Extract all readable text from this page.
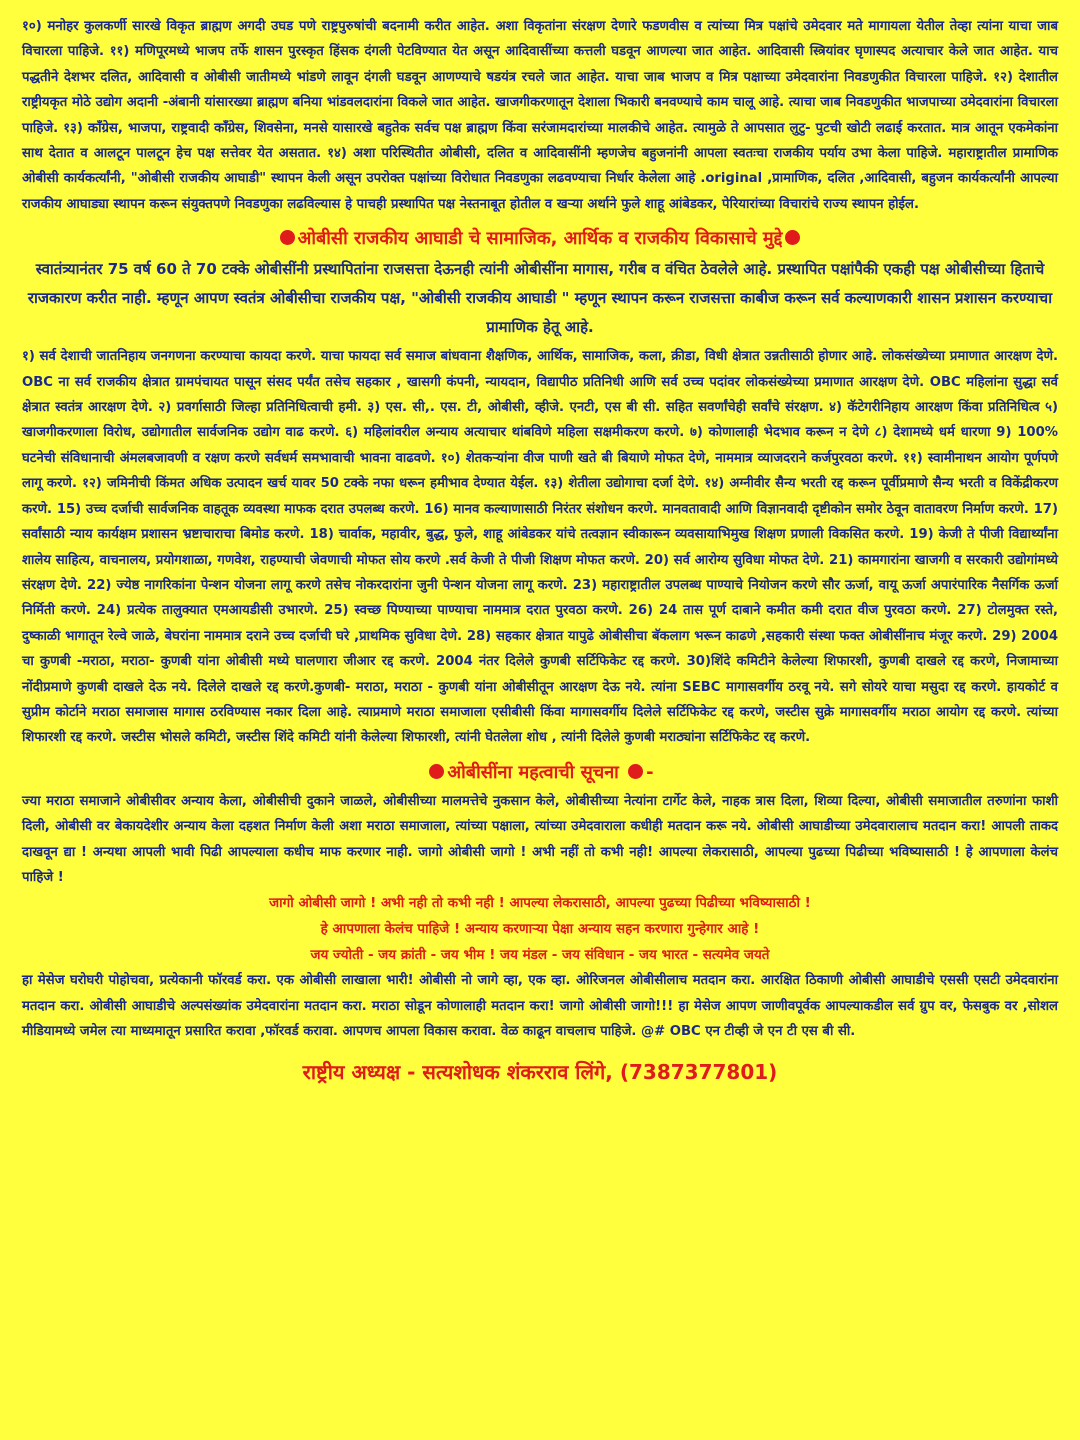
१०) मनोहर कुलकर्णी सारखे विकृत ब्राह्मण अगदी उघड पणे राष्ट्रपुरुषांची बदनामी करीत आहेत. अशा विकृतांना संरक्षण देणारे फडणवीस व त्यांच्या मित्र पक्षांचे उमेदवार मते मागायला येतील तेव्हा त्यांना याचा जाब विचारला पाहिजे. ११) मणिपूरमध्ये भाजप तर्फे शासन पुरस्कृत हिंसक दंगली पेटविण्यात येत असून आदिवासींच्या कत्तली घडवून आणल्या जात आहेत. आदिवासी स्त्रियांवर घृणास्पद अत्याचार केले जात आहेत. याच पद्धतीने देशभर दलित, आदिवासी व ओबीसी जातीमध्ये भांडणे लावून दंगली घडवून आणण्याचे षडयंत्र रचले जात आहेत. याचा जाब भाजप व मित्र पक्षाच्या उमेदवारांना निवडणुकीत विचारला पाहिजे. १२) देशातील राष्ट्रीयकृत मोठे उद्योग अदानी -अंबानी यांसारख्या ब्राह्मण बनिया भांडवलदारांना विकले जात आहेत. खाजगीकरणातून देशाला भिकारी बनवण्याचे काम चालू आहे. त्याचा जाब निवडणुकीत भाजपाच्या उमेदवारांना विचारला पाहिजे. १३) कॉंग्रेस, भाजपा, राष्ट्रवादी कॉंग्रेस, शिवसेना, मनसे यासारखे बहुतेक सर्वच पक्ष ब्राह्मण किंवा सरंजामदारांच्या मालकीचे आहेत. त्यामुळे ते आपसात लुटु- पुटची खोटी लढाई करतात. मात्र आतून एकमेकांना साथ देतात व आलटून पालटून हेच पक्ष सत्तेवर येत असतात. १४) अशा परिस्थितीत ओबीसी, दलित व आदिवासींनी म्हणजेच बहुजनांनी आपला स्वतःचा राजकीय पर्याय उभा केला पाहिजे. महाराष्ट्रातील प्रामाणिक ओबीसी कार्यकर्त्यांनी, "ओबीसी राजकीय आघाडी" स्थापन केली असून उपरोक्त पक्षांच्या विरोधात निवडणुका लढवण्याचा निर्धार केलेला आहे .original ,प्रामाणिक, दलित ,आदिवासी, बहुजन कार्यकर्त्यांनी आपल्या राजकीय आघाड्या स्थापन करून संयुक्तपणे निवडणुका लढविल्यास हे पाचही प्रस्थापित पक्ष नेस्तनाबूत होतील व खऱ्या अर्थाने फुले शाहू आंबेडकर, पेरियारांच्या विचारांचे राज्य स्थापन होईल.

ओबीसी राजकीय आघाडी चे सामाजिक, आर्थिक व राजकीय विकासाचे मुद्दे

स्वातंत्र्यानंतर 75 वर्ष 60 ते 70 टक्के ओबीसींनी प्रस्थापितांना राजसत्ता देऊनही त्यांनी ओबीसींना मागास, गरीब व वंचित ठेवलेले आहे. प्रस्थापित पक्षांपैकी एकही पक्ष ओबीसीच्या हिताचे राजकारण करीत नाही. म्हणून आपण स्वतंत्र ओबीसीचा राजकीय पक्ष, "ओबीसी राजकीय आघाडी " म्हणून स्थापन करून राजसत्ता काबीज करून सर्व कल्याणकारी शासन प्रशासन करण्याचा प्रामाणिक हेतू आहे.

१) सर्व देशाची जातनिहाय जनगणना करण्याचा कायदा करणे. याचा फायदा सर्व समाज बांधवाना शैक्षणिक, आर्थिक, सामाजिक, कला, क्रीडा, विधी क्षेत्रात उन्नतीसाठी होणार आहे. लोकसंख्येच्या प्रमाणात आरक्षण देणे. OBC ना सर्व राजकीय क्षेत्रात ग्रामपंचायत पासून संसद पर्यंत तसेच सहकार , खासगी कंपनी, न्यायदान, विद्यापीठ प्रतिनिधी आणि सर्व उच्च पदांवर लोकसंख्येच्या प्रमाणात आरक्षण देणे. OBC महिलांना सुद्धा सर्व क्षेत्रात स्वतंत्र आरक्षण देणे. २) प्रवर्गासाठी जिल्हा प्रतिनिधित्वाची हमी. ३) एस. सी,. एस. टी, ओबीसी, व्हीजे. एनटी, एस बी सी. सहित सवर्णांचेही सर्वांचे संरक्षण. ४) कॅटेगरीनिहाय आरक्षण किंवा प्रतिनिधित्व ५) खाजगीकरणाला विरोध, उद्योगातील सार्वजनिक उद्योग वाढ करणे. ६) महिलांवरील अन्याय अत्याचार थांबविणे महिला सक्षमीकरण करणे. ७) कोणालाही भेदभाव करून न देणे ८) देशामध्ये धर्म धारणा 9) 100% घटनेची संविधानाची अंमलबजावणी व रक्षण करणे सर्वधर्म समभावाची भावना वाढवणे. १०) शेतकऱ्यांना वीज पाणी खते बी बियाणे मोफत देणे, नाममात्र व्याजदराने कर्जपुरवठा करणे. ११) स्वामीनाथन आयोग पूर्णपणे लागू करणे. १२) जमिनीची किंमत अधिक उत्पादन खर्च यावर 50 टक्के नफा धरून हमीभाव देण्यात येईल. १३) शेतीला उद्योगाचा दर्जा देणे. १४) अग्नीवीर सैन्य भरती रद्द करून पूर्वीप्रमाणे सैन्य भरती व विकेंद्रीकरण करणे. 15) उच्च दर्जाची सार्वजनिक वाहतूक व्यवस्था माफक दरात उपलब्ध करणे. 16) मानव कल्याणासाठी निरंतर संशोधन करणे. मानवतावादी आणि विज्ञानवादी दृष्टीकोन समोर ठेवून वातावरण निर्माण करणे. 17) सर्वांसाठी न्याय कार्यक्षम प्रशासन भ्रष्टाचाराचा बिमोड करणे. 18) चार्वाक, महावीर, बुद्ध, फुले, शाहू आंबेडकर यांचे तत्वज्ञान स्वीकारून व्यवसायाभिमुख शिक्षण प्रणाली विकसित करणे. 19) केजी ते पीजी विद्यार्थ्यांना शालेय साहित्य, वाचनालय, प्रयोगशाळा, गणवेश, राहण्याची जेवणाची मोफत सोय करणे .सर्व केजी ते पीजी शिक्षण मोफत करणे. 20) सर्व आरोग्य सुविधा मोफत देणे. 21) कामगारांना खाजगी व सरकारी उद्योगांमध्ये संरक्षण देणे. 22) ज्येष्ठ नागरिकांना पेन्शन योजना लागू करणे तसेच नोकरदारांना जुनी पेन्शन योजना लागू करणे. 23) महाराष्ट्रातील उपलब्ध पाण्याचे नियोजन करणे सौर ऊर्जा, वायू ऊर्जा अपारंपारिक नैसर्गिक ऊर्जा निर्मिती करणे. 24) प्रत्येक तालुक्यात एमआयडीसी उभारणे. 25) स्वच्छ पिण्याच्या पाण्याचा नाममात्र दरात पुरवठा करणे. 26) 24 तास पूर्ण दाबाने कमीत कमी दरात वीज पुरवठा करणे. 27) टोलमुक्त रस्ते, दुष्काळी भागातून रेल्वे जाळे, बेघरांना नाममात्र दराने उच्च दर्जाची घरे ,प्राथमिक सुविधा देणे. 28) सहकार क्षेत्रात यापुढे ओबीसीचा बॅकलाग भरून काढणे ,सहकारी संस्था फक्त ओबीसींनाच मंजूर करणे. 29) 2004 चा कुणबी -मराठा, मराठा- कुणबी यांना ओबीसी मध्ये घालणारा जीआर रद्द करणे. 2004 नंतर दिलेले कुणबी सर्टिफिकेट रद्द करणे. 30)शिंदे कमिटीने केलेल्या शिफारशी, कुणबी दाखले रद्द करणे, निजामाच्या नोंदीप्रमाणे कुणबी दाखले देऊ नये. दिलेले दाखले रद्द करणे.कुणबी- मराठा, मराठा - कुणबी यांना ओबीसीतून आरक्षण देऊ नये. त्यांना SEBC मागासवर्गीय ठरवू नये. सगे सोयरे याचा मसुदा रद्द करणे. हायकोर्ट व सुप्रीम कोर्टाने मराठा समाजास मागास ठरविण्यास नकार दिला आहे. त्याप्रमाणे मराठा समाजाला एसीबीसी किंवा मागासवर्गीय दिलेले सर्टिफिकेट रद्द करणे, जस्टीस सुक्रे मागासवर्गीय मराठा आयोग रद्द करणे. त्यांच्या शिफारशी रद्द करणे. जस्टीस भोसले कमिटी, जस्टीस शिंदे कमिटी यांनी केलेल्या शिफारशी, त्यांनी घेतलेला शोध , त्यांनी दिलेले कुणबी मराठ्यांना सर्टिफिकेट रद्द करणे.

ओबीसींना महत्वाची सूचना -

ज्या मराठा समाजाने ओबीसीवर अन्याय केला, ओबीसीची दुकाने जाळले, ओबीसीच्या मालमत्तेचे नुकसान केले, ओबीसीच्या नेत्यांना टार्गेट केले, नाहक त्रास दिला, शिव्या दिल्या, ओबीसी समाजातील तरुणांना फाशी दिली, ओबीसी वर बेकायदेशीर अन्याय केला दहशत निर्माण केली अशा मराठा समाजाला, त्यांच्या पक्षाला, त्यांच्या उमेदवाराला कधीही मतदान करू नये. ओबीसी आघाडीच्या उमेदवारालाच मतदान करा! आपली ताकद दाखवून द्या ! अन्यथा आपली भावी पिढी आपल्याला कधीच माफ करणार नाही. जागो ओबीसी जागो ! अभी नहीं तो कभी नही! आपल्या लेकरासाठी, आपल्या पुढच्या पिढीच्या भविष्यासाठी ! हे आपणाला केलंच पाहिजे !

जागो ओबीसी जागो ! अभी नही तो कभी नही ! आपल्या लेकरासाठी, आपल्या पुढच्या पिढीच्या भविष्यासाठी !

हे आपणाला केलंच पाहिजे ! अन्याय करणाऱ्या पेक्षा अन्याय सहन करणारा गुन्हेगार आहे !

जय ज्योती - जय क्रांती - जय भीम ! जय मंडल - जय संविधान - जय भारत - सत्यमेव जयते

हा मेसेज घरोघरी पोहोचवा, प्रत्येकानी फॉरवर्ड करा. एक ओबीसी लाखाला भारी! ओबीसी नो जागे व्हा, एक व्हा. ओरिजनल ओबीसीलाच मतदान करा. आरक्षित ठिकाणी ओबीसी आघाडीचे एससी एसटी उमेदवारांना मतदान करा. ओबीसी आघाडीचे अल्पसंख्यांक उमेदवारांना मतदान करा. मराठा सोडून कोणालाही मतदान करा! जागो ओबीसी जागो!!! हा मेसेज आपण जाणीवपूर्वक आपल्याकडील सर्व ग्रुप वर, फेसबुक वर ,सोशल मीडियामध्ये जमेल त्या माध्यमातून प्रसारित करावा ,फॉरवर्ड करावा. आपणच आपला विकास करावा. वेळ काढून वाचलाच पाहिजे. @# OBC एन टीव्ही जे एन टी एस बी सी.

राष्ट्रीय अध्यक्ष - सत्यशोधक शंकरराव लिंगे, (7387377801)
